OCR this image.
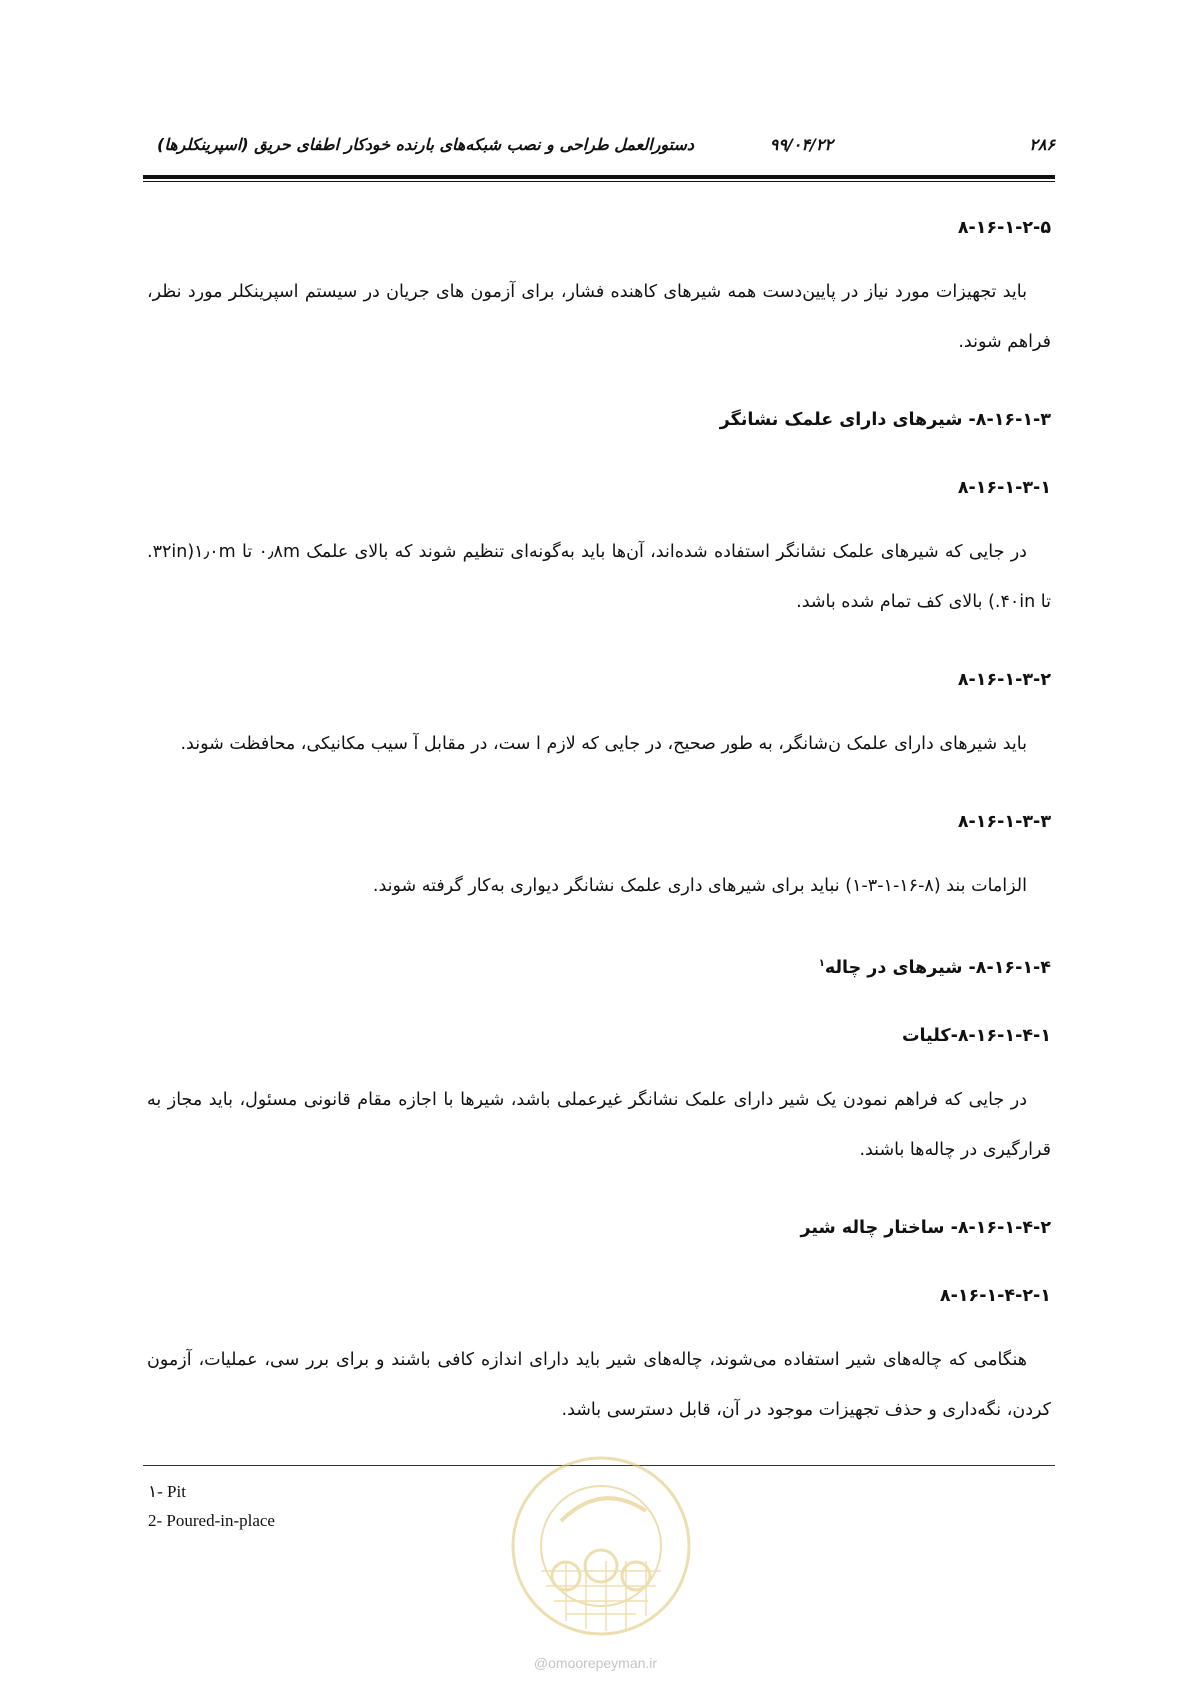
۲۸۶
۹۹/۰۴/۲۲
دستورالعمل طراحی و نصب شبکه‌های بارنده خودکار اطفای حریق (اسپرینکلرها)

۸-۱۶-۱-۲-۵

باید تجهیزات مورد نیاز در پایین‌دست همه شیرهای کاهنده فشار، برای آزمون های جریان در سیستم اسپرینکلر مورد نظر، فراهم شوند.

۸-۱۶-۱-۳- شیرهای دارای علمک نشانگر

۸-۱۶-۱-۳-۱

در جایی که شیرهای علمک نشانگر استفاده شده‌اند، آن‌ها باید به‌گونه‌ای تنظیم شوند که بالای علمک ۰٫۸m تا ۱٫۰m(۳۲in. تا ۴۰in.) بالای کف تمام شده باشد.

۸-۱۶-۱-۳-۲

باید شیرهای دارای علمک ن‌شانگر، به طور صحیح، در جایی که لازم ا ست، در مقابل آ سیب مکانیکی، محافظت شوند.

۸-۱۶-۱-۳-۳

الزامات بند (۸-۱۶-۱-۳-۱) نباید برای شیرهای داری علمک نشانگر دیواری به‌کار گرفته شوند.

۸-۱۶-۱-۴- شیرهای در چاله$^۱$

۸-۱۶-۱-۴-۱-کلیات

در جایی که فراهم نمودن یک شیر دارای علمک نشانگر غیرعملی باشد، شیرها با اجازه مقام قانونی مسئول، باید مجاز به قرارگیری در چاله‌ها باشند.

۸-۱۶-۱-۴-۲- ساختار چاله شیر

۸-۱۶-۱-۴-۲-۱

هنگامی که چاله‌های شیر استفاده می‌شوند، چاله‌های شیر باید دارای اندازه کافی باشند و برای برر سی، عملیات، آزمون کردن، نگه‌داری و حذف تجهیزات موجود در آن، قابل دسترسی باشد.

۱- Pit
2- Poured-in-place
@omoorepeyman.ir
